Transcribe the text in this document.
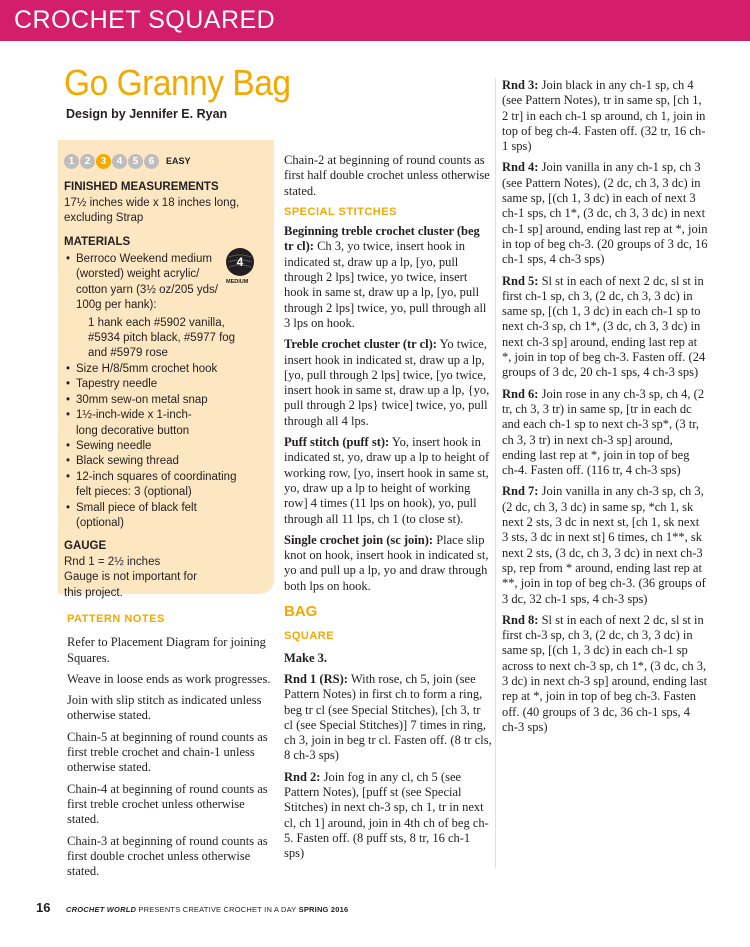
CROCHET SQUARED
Go Granny Bag
Design by Jennifer E. Ryan
1	2	3	4	5	6	EASY
FINISHED MEASUREMENTS
17½ inches wide x 18 inches long, excluding Strap
MATERIALS
• Berroco Weekend medium (worsted) weight acrylic/ cotton yarn (3½ oz/205 yds/ 100g per hank):
1 hank each #5902 vanilla, #5934 pitch black, #5977 fog and #5979 rose
• Size H/8/5mm crochet hook
• Tapestry needle
• 30mm sew-on metal snap
• 1½-inch-wide x 1-inch-long decorative button
• Sewing needle
• Black sewing thread
• 12-inch squares of coordinating felt pieces: 3 (optional)
• Small piece of black felt (optional)
GAUGE
Rnd 1 = 2½ inches
Gauge is not important for this project.
4
MEDIUM
PATTERN NOTES

Refer to Placement Diagram for joining Squares.

Weave in loose ends as work progresses.

Join with slip stitch as indicated unless otherwise stated.

Chain-5 at beginning of round counts as first treble crochet and chain-1 unless otherwise stated.

Chain-4 at beginning of round counts as first treble crochet unless otherwise stated.

Chain-3 at beginning of round counts as first double crochet unless otherwise stated.

Chain-2 at beginning of round counts as first half double crochet unless otherwise stated.

SPECIAL STITCHES

Beginning treble crochet cluster (beg tr cl): Ch 3, yo twice, insert hook in indicated st, draw up a lp, [yo, pull through 2 lps] twice, yo twice, insert hook in same st, draw up a lp, [yo, pull through 2 lps] twice, yo, pull through all 3 lps on hook.

Treble crochet cluster (tr cl): Yo twice, insert hook in indicated st, draw up a lp, [yo, pull through 2 lps] twice, [yo twice, insert hook in same st, draw up a lp, {yo, pull through 2 lps} twice] twice, yo, pull through all 4 lps.

Puff stitch (puff st): Yo, insert hook in indicated st, yo, draw up a lp to height of working row, [yo, insert hook in same st, yo, draw up a lp to height of working row] 4 times (11 lps on hook), yo, pull through all 11 lps, ch 1 (to close st).

Single crochet join (sc join): Place slip knot on hook, insert hook in indicated st, yo and pull up a lp, yo and draw through both lps on hook.

BAG
SQUARE

Make 3.

Rnd 1 (RS): With rose, ch 5, join (see Pattern Notes) in first ch to form a ring, beg tr cl (see Special Stitches), [ch 3, tr cl (see Special Stitches)] 7 times in ring, ch 3, join in beg tr cl. Fasten off. (8 tr cls, 8 ch-3 sps)

Rnd 2: Join fog in any cl, ch 5 (see Pattern Notes), [puff st (see Special Stitches) in next ch-3 sp, ch 1, tr in next cl, ch 1] around, join in 4th ch of beg ch-5. Fasten off. (8 puff sts, 8 tr, 16 ch-1 sps)

Rnd 3: Join black in any ch-1 sp, ch 4 (see Pattern Notes), tr in same sp, [ch 1, 2 tr] in each ch-1 sp around, ch 1, join in top of beg ch-4. Fasten off. (32 tr, 16 ch-1 sps)

Rnd 4: Join vanilla in any ch-1 sp, ch 3 (see Pattern Notes), (2 dc, ch 3, 3 dc) in same sp, [(ch 1, 3 dc) in each of next 3 ch-1 sps, ch 1*, (3 dc, ch 3, 3 dc) in next ch-1 sp] around, ending last rep at *, join in top of beg ch-3. (20 groups of 3 dc, 16 ch-1 sps, 4 ch-3 sps)

Rnd 5: Sl st in each of next 2 dc, sl st in first ch-1 sp, ch 3, (2 dc, ch 3, 3 dc) in same sp, [(ch 1, 3 dc) in each ch-1 sp to next ch-3 sp, ch 1*, (3 dc, ch 3, 3 dc) in next ch-3 sp] around, ending last rep at *, join in top of beg ch-3. Fasten off. (24 groups of 3 dc, 20 ch-1 sps, 4 ch-3 sps)

Rnd 6: Join rose in any ch-3 sp, ch 4, (2 tr, ch 3, 3 tr) in same sp, [tr in each dc and each ch-1 sp to next ch-3 sp*, (3 tr, ch 3, 3 tr) in next ch-3 sp] around, ending last rep at *, join in top of beg ch-4. Fasten off. (116 tr, 4 ch-3 sps)

Rnd 7: Join vanilla in any ch-3 sp, ch 3, (2 dc, ch 3, 3 dc) in same sp, *ch 1, sk next 2 sts, 3 dc in next st, [ch 1, sk next 3 sts, 3 dc in next st] 6 times, ch 1**, sk next 2 sts, (3 dc, ch 3, 3 dc) in next ch-3 sp, rep from * around, ending last rep at **, join in top of beg ch-3. (36 groups of 3 dc, 32 ch-1 sps, 4 ch-3 sps)

Rnd 8: Sl st in each of next 2 dc, sl st in first ch-3 sp, ch 3, (2 dc, ch 3, 3 dc) in same sp, [(ch 1, 3 dc) in each ch-1 sp across to next ch-3 sp, ch 1*, (3 dc, ch 3, 3 dc) in next ch-3 sp] around, ending last rep at *, join in top of beg ch-3. Fasten off. (40 groups of 3 dc, 36 ch-1 sps, 4 ch-3 sps)

16 CROCHET WORLD PRESENTS CREATIVE CROCHET IN A DAY SPRING 2016
